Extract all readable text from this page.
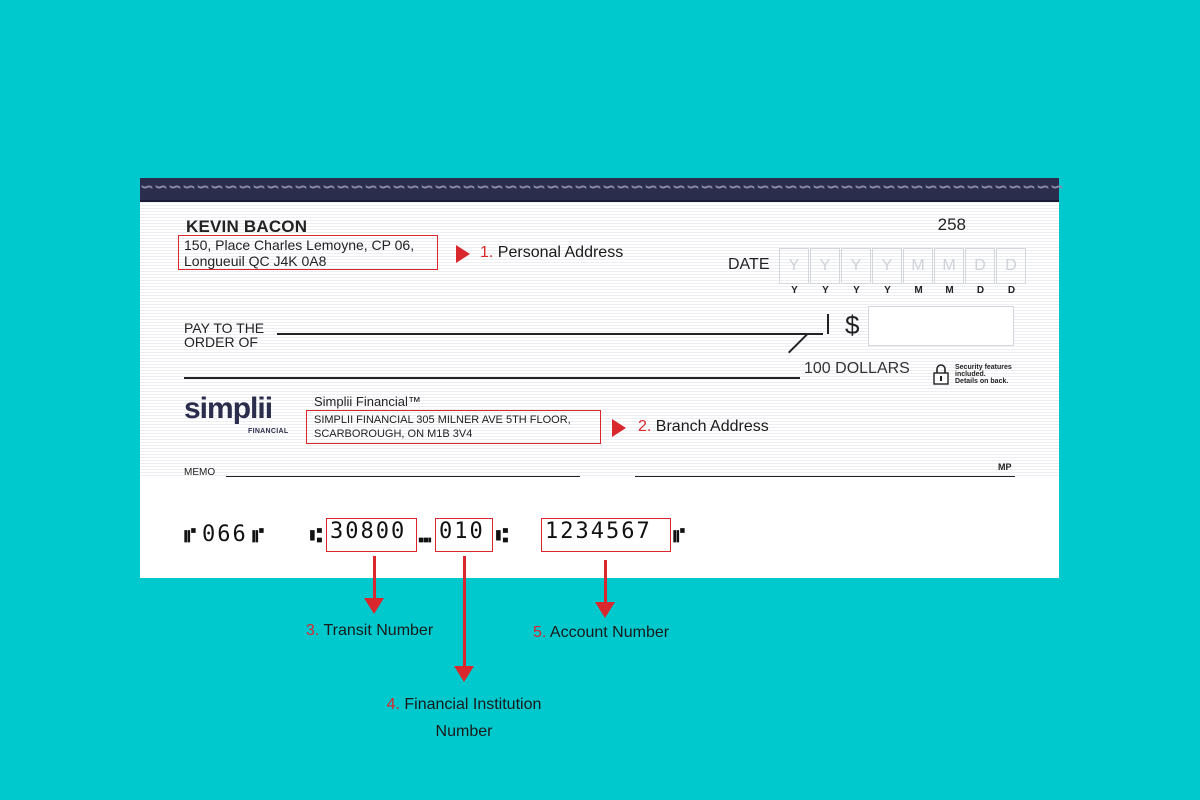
∽∽∽∽∽∽∽∽∽∽∽∽∽∽∽∽∽∽∽∽∽∽∽∽∽∽∽∽∽∽∽∽∽∽∽∽∽∽∽∽∽∽∽∽∽∽∽∽∽∽∽∽∽∽∽∽∽∽∽∽∽∽∽∽∽∽
KEVIN BACON
150, Place Charles Lemoyne, CP 06,
Longueuil QC J4K 0A8
258
DATE	Y	Y	Y	Y	M	M	D	D
Y	Y	Y	Y	M	M	D	D
PAY TO THE
ORDER OF
$
100 DOLLARS	Security features
included.
Details on back.
simplii
FINANCIAL
Simplii Financial™
SIMPLII FINANCIAL 305 MILNER AVE 5TH FLOOR,
SCARBOROUGH, ON M1B 3V4
MEMO	MP
⑈ 066 ⑈ ⑆ 30800 ⑉ 010 ⑆ 1234567	⑈
1. Personal Address
2. Branch Address
3. Transit Number
4. Financial Institution
Number
5. Account Number
